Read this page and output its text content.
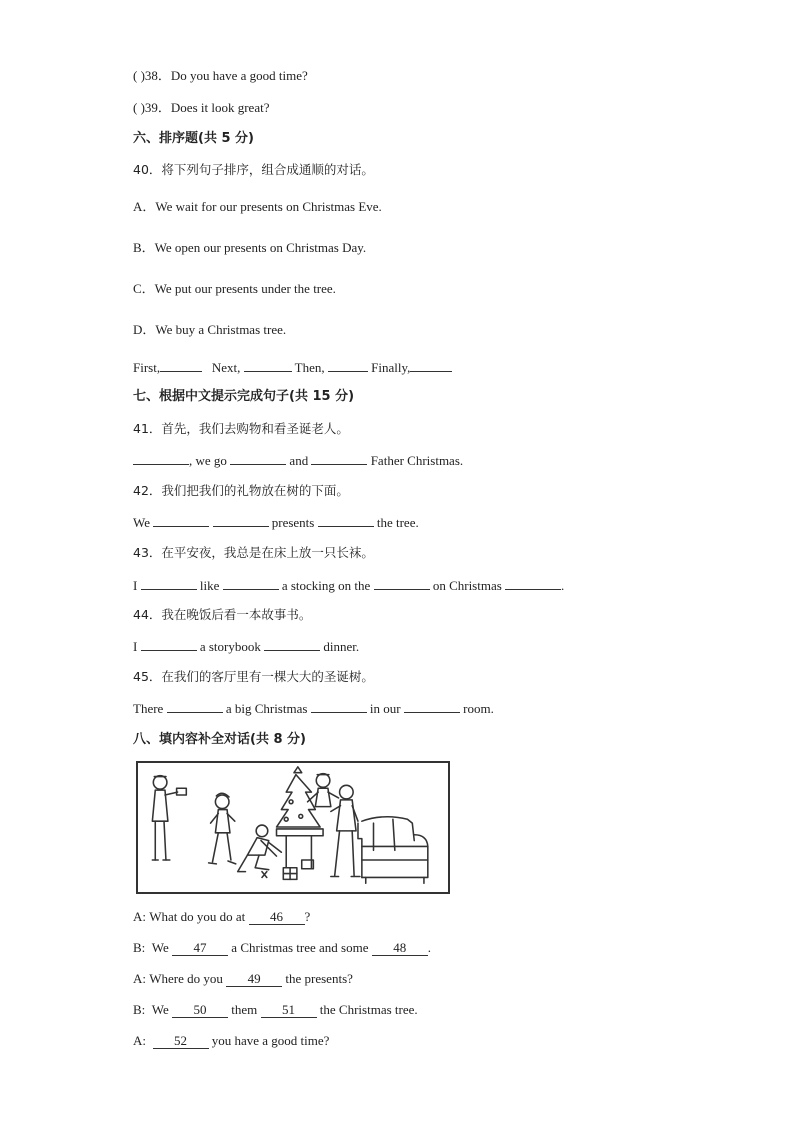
( )38．Do you have a good time?
( )39．Does it look great?
六、排序题(共 5 分)
40．将下列句子排序，组合成通顺的对话。
A．We wait for our presents on Christmas Eve.
B．We open our presents on Christmas Day.
C．We put our presents under the tree.
D．We buy a Christmas tree.
First,	Next,	Then,	Finally,
七、根据中文提示完成句子(共 15 分)
41．首先，我们去购物和看圣诞老人。
, we go	and	Father Christmas.
42．我们把我们的礼物放在树的下面。
We	presents	the tree.
43．在平安夜，我总是在床上放一只长袜。
I	like	a stocking on the	on Christmas	.
44．我在晚饭后看一本故事书。
I	a storybook	dinner.
45．在我们的客厅里有一棵大大的圣诞树。
There	a big Christmas	in our	room.
八、填内容补全对话(共 8 分)
A: What do you do at 46 ?
B: We 47 a Christmas tree and some 48 .
A: Where do you 49 the presents?
B: We 50 them 51 the Christmas tree.
A: 52 you have a good time?
